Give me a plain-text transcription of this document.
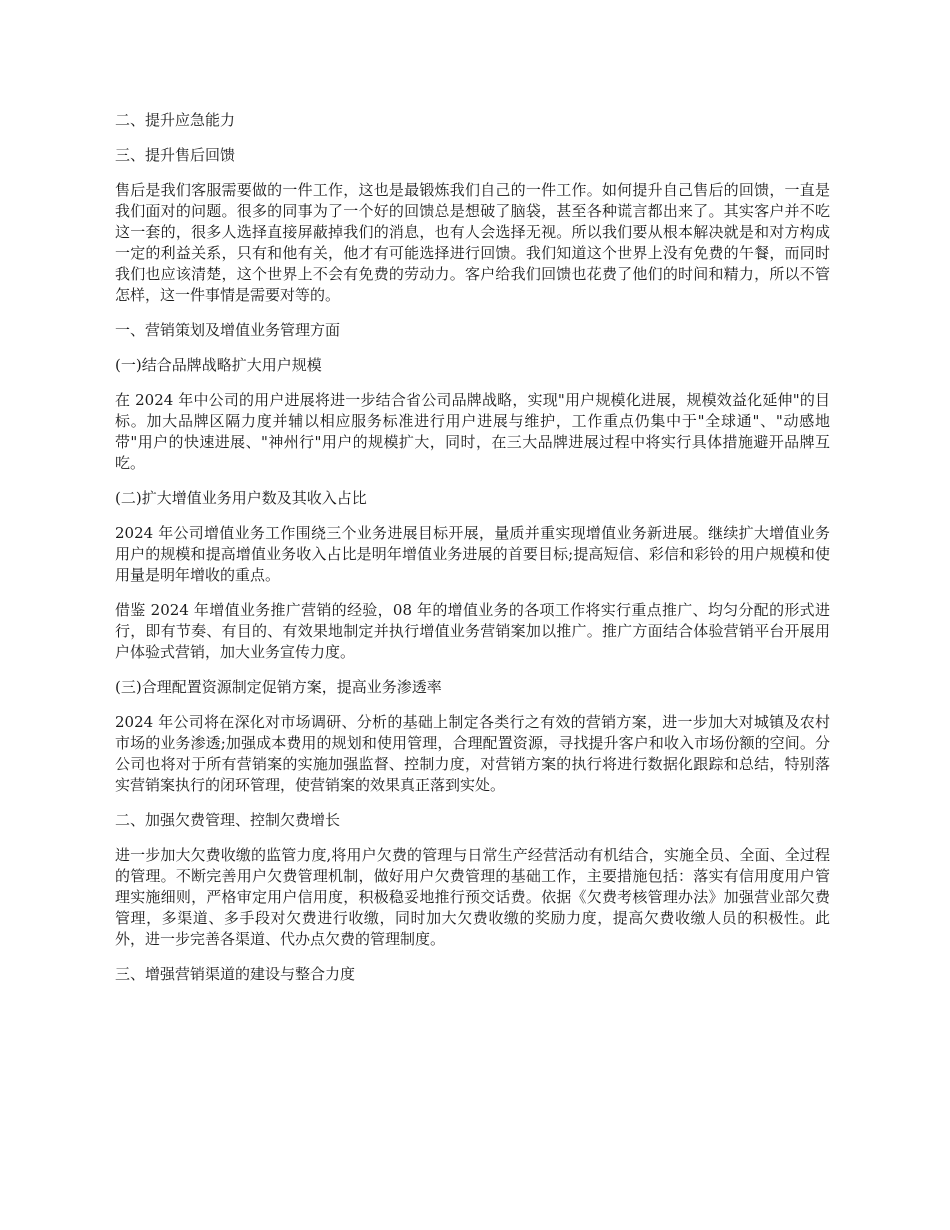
二、提升应急能力

三、提升售后回馈

售后是我们客服需要做的一件工作，这也是最锻炼我们自己的一件工作。如何提升自己售后的回馈，一直是我们面对的问题。很多的同事为了一个好的回馈总是想破了脑袋，甚至各种谎言都出来了。其实客户并不吃这一套的，很多人选择直接屏蔽掉我们的消息，也有人会选择无视。所以我们要从根本解决就是和对方构成一定的利益关系，只有和他有关，他才有可能选择进行回馈。我们知道这个世界上没有免费的午餐，而同时我们也应该清楚，这个世界上不会有免费的劳动力。客户给我们回馈也花费了他们的时间和精力，所以不管怎样，这一件事情是需要对等的。

一、营销策划及增值业务管理方面

(一)结合品牌战略扩大用户规模

在 2024 年中公司的用户进展将进一步结合省公司品牌战略，实现"用户规模化进展，规模效益化延伸"的目标。加大品牌区隔力度并辅以相应服务标准进行用户进展与维护，工作重点仍集中于"全球通"、"动感地带"用户的快速进展、"神州行"用户的规模扩大，同时，在三大品牌进展过程中将实行具体措施避开品牌互吃。

(二)扩大增值业务用户数及其收入占比

2024 年公司增值业务工作围绕三个业务进展目标开展，量质并重实现增值业务新进展。继续扩大增值业务用户的规模和提高增值业务收入占比是明年增值业务进展的首要目标;提高短信、彩信和彩铃的用户规模和使用量是明年增收的重点。

借鉴 2024 年增值业务推广营销的经验，08 年的增值业务的各项工作将实行重点推广、均匀分配的形式进行，即有节奏、有目的、有效果地制定并执行增值业务营销案加以推广。推广方面结合体验营销平台开展用户体验式营销，加大业务宣传力度。

(三)合理配置资源制定促销方案，提高业务渗透率

2024 年公司将在深化对市场调研、分析的基础上制定各类行之有效的营销方案，进一步加大对城镇及农村市场的业务渗透;加强成本费用的规划和使用管理，合理配置资源，寻找提升客户和收入市场份额的空间。分公司也将对于所有营销案的实施加强监督、控制力度，对营销方案的执行将进行数据化跟踪和总结，特别落实营销案执行的闭环管理，使营销案的效果真正落到实处。

二、加强欠费管理、控制欠费增长

进一步加大欠费收缴的监管力度,将用户欠费的管理与日常生产经营活动有机结合，实施全员、全面、全过程的管理。不断完善用户欠费管理机制，做好用户欠费管理的基础工作，主要措施包括：落实有信用度用户管理实施细则，严格审定用户信用度，积极稳妥地推行预交话费。依据《欠费考核管理办法》加强营业部欠费管理，多渠道、多手段对欠费进行收缴，同时加大欠费收缴的奖励力度，提高欠费收缴人员的积极性。此外，进一步完善各渠道、代办点欠费的管理制度。

三、增强营销渠道的建设与整合力度
